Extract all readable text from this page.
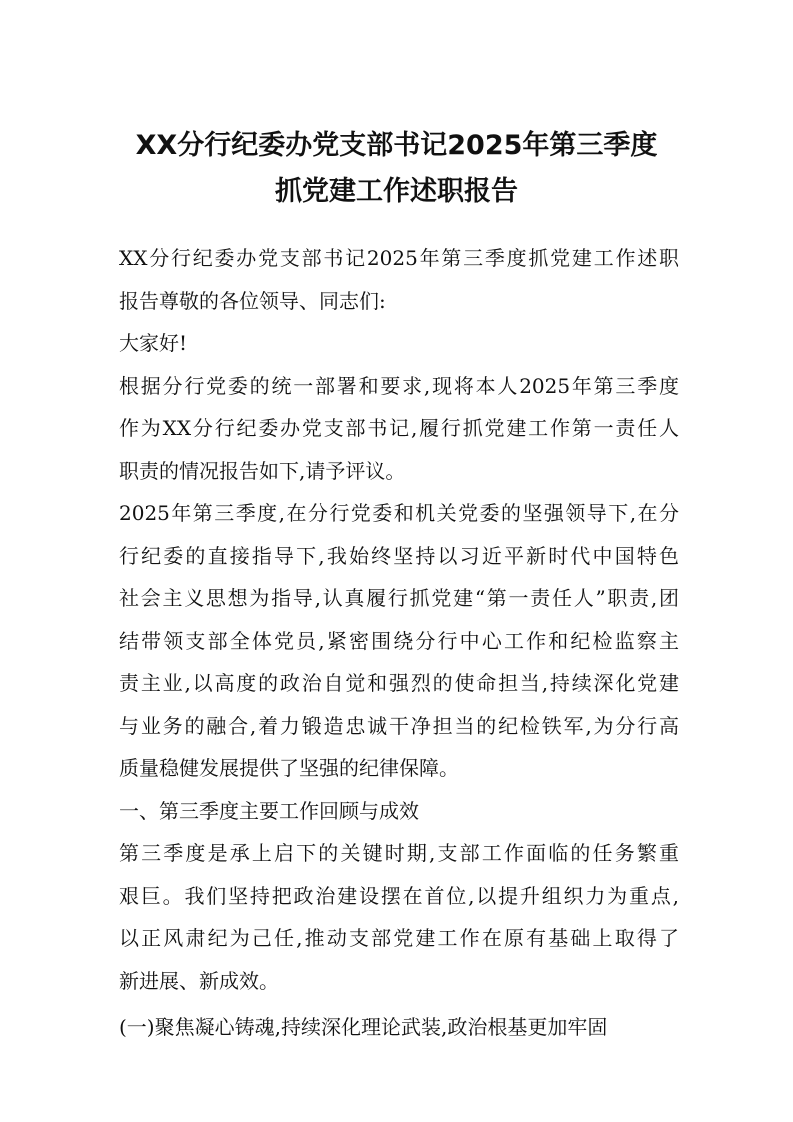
XX分行纪委办党支部书记2025年第三季度
抓党建工作述职报告
XX分行纪委办党支部书记2025年第三季度抓党建工作述职
报告尊敬的各位领导、同志们:
大家好!
根据分行党委的统一部署和要求,现将本人2025年第三季度
作为XX分行纪委办党支部书记,履行抓党建工作第一责任人
职责的情况报告如下,请予评议。
2025年第三季度,在分行党委和机关党委的坚强领导下,在分
行纪委的直接指导下,我始终坚持以习近平新时代中国特色
社会主义思想为指导,认真履行抓党建“第一责任人”职责,团
结带领支部全体党员,紧密围绕分行中心工作和纪检监察主
责主业,以高度的政治自觉和强烈的使命担当,持续深化党建
与业务的融合,着力锻造忠诚干净担当的纪检铁军,为分行高
质量稳健发展提供了坚强的纪律保障。
一、第三季度主要工作回顾与成效
第三季度是承上启下的关键时期,支部工作面临的任务繁重
艰巨。我们坚持把政治建设摆在首位,以提升组织力为重点,
以正风肃纪为己任,推动支部党建工作在原有基础上取得了
新进展、新成效。
(一)聚焦凝心铸魂,持续深化理论武装,政治根基更加牢固
